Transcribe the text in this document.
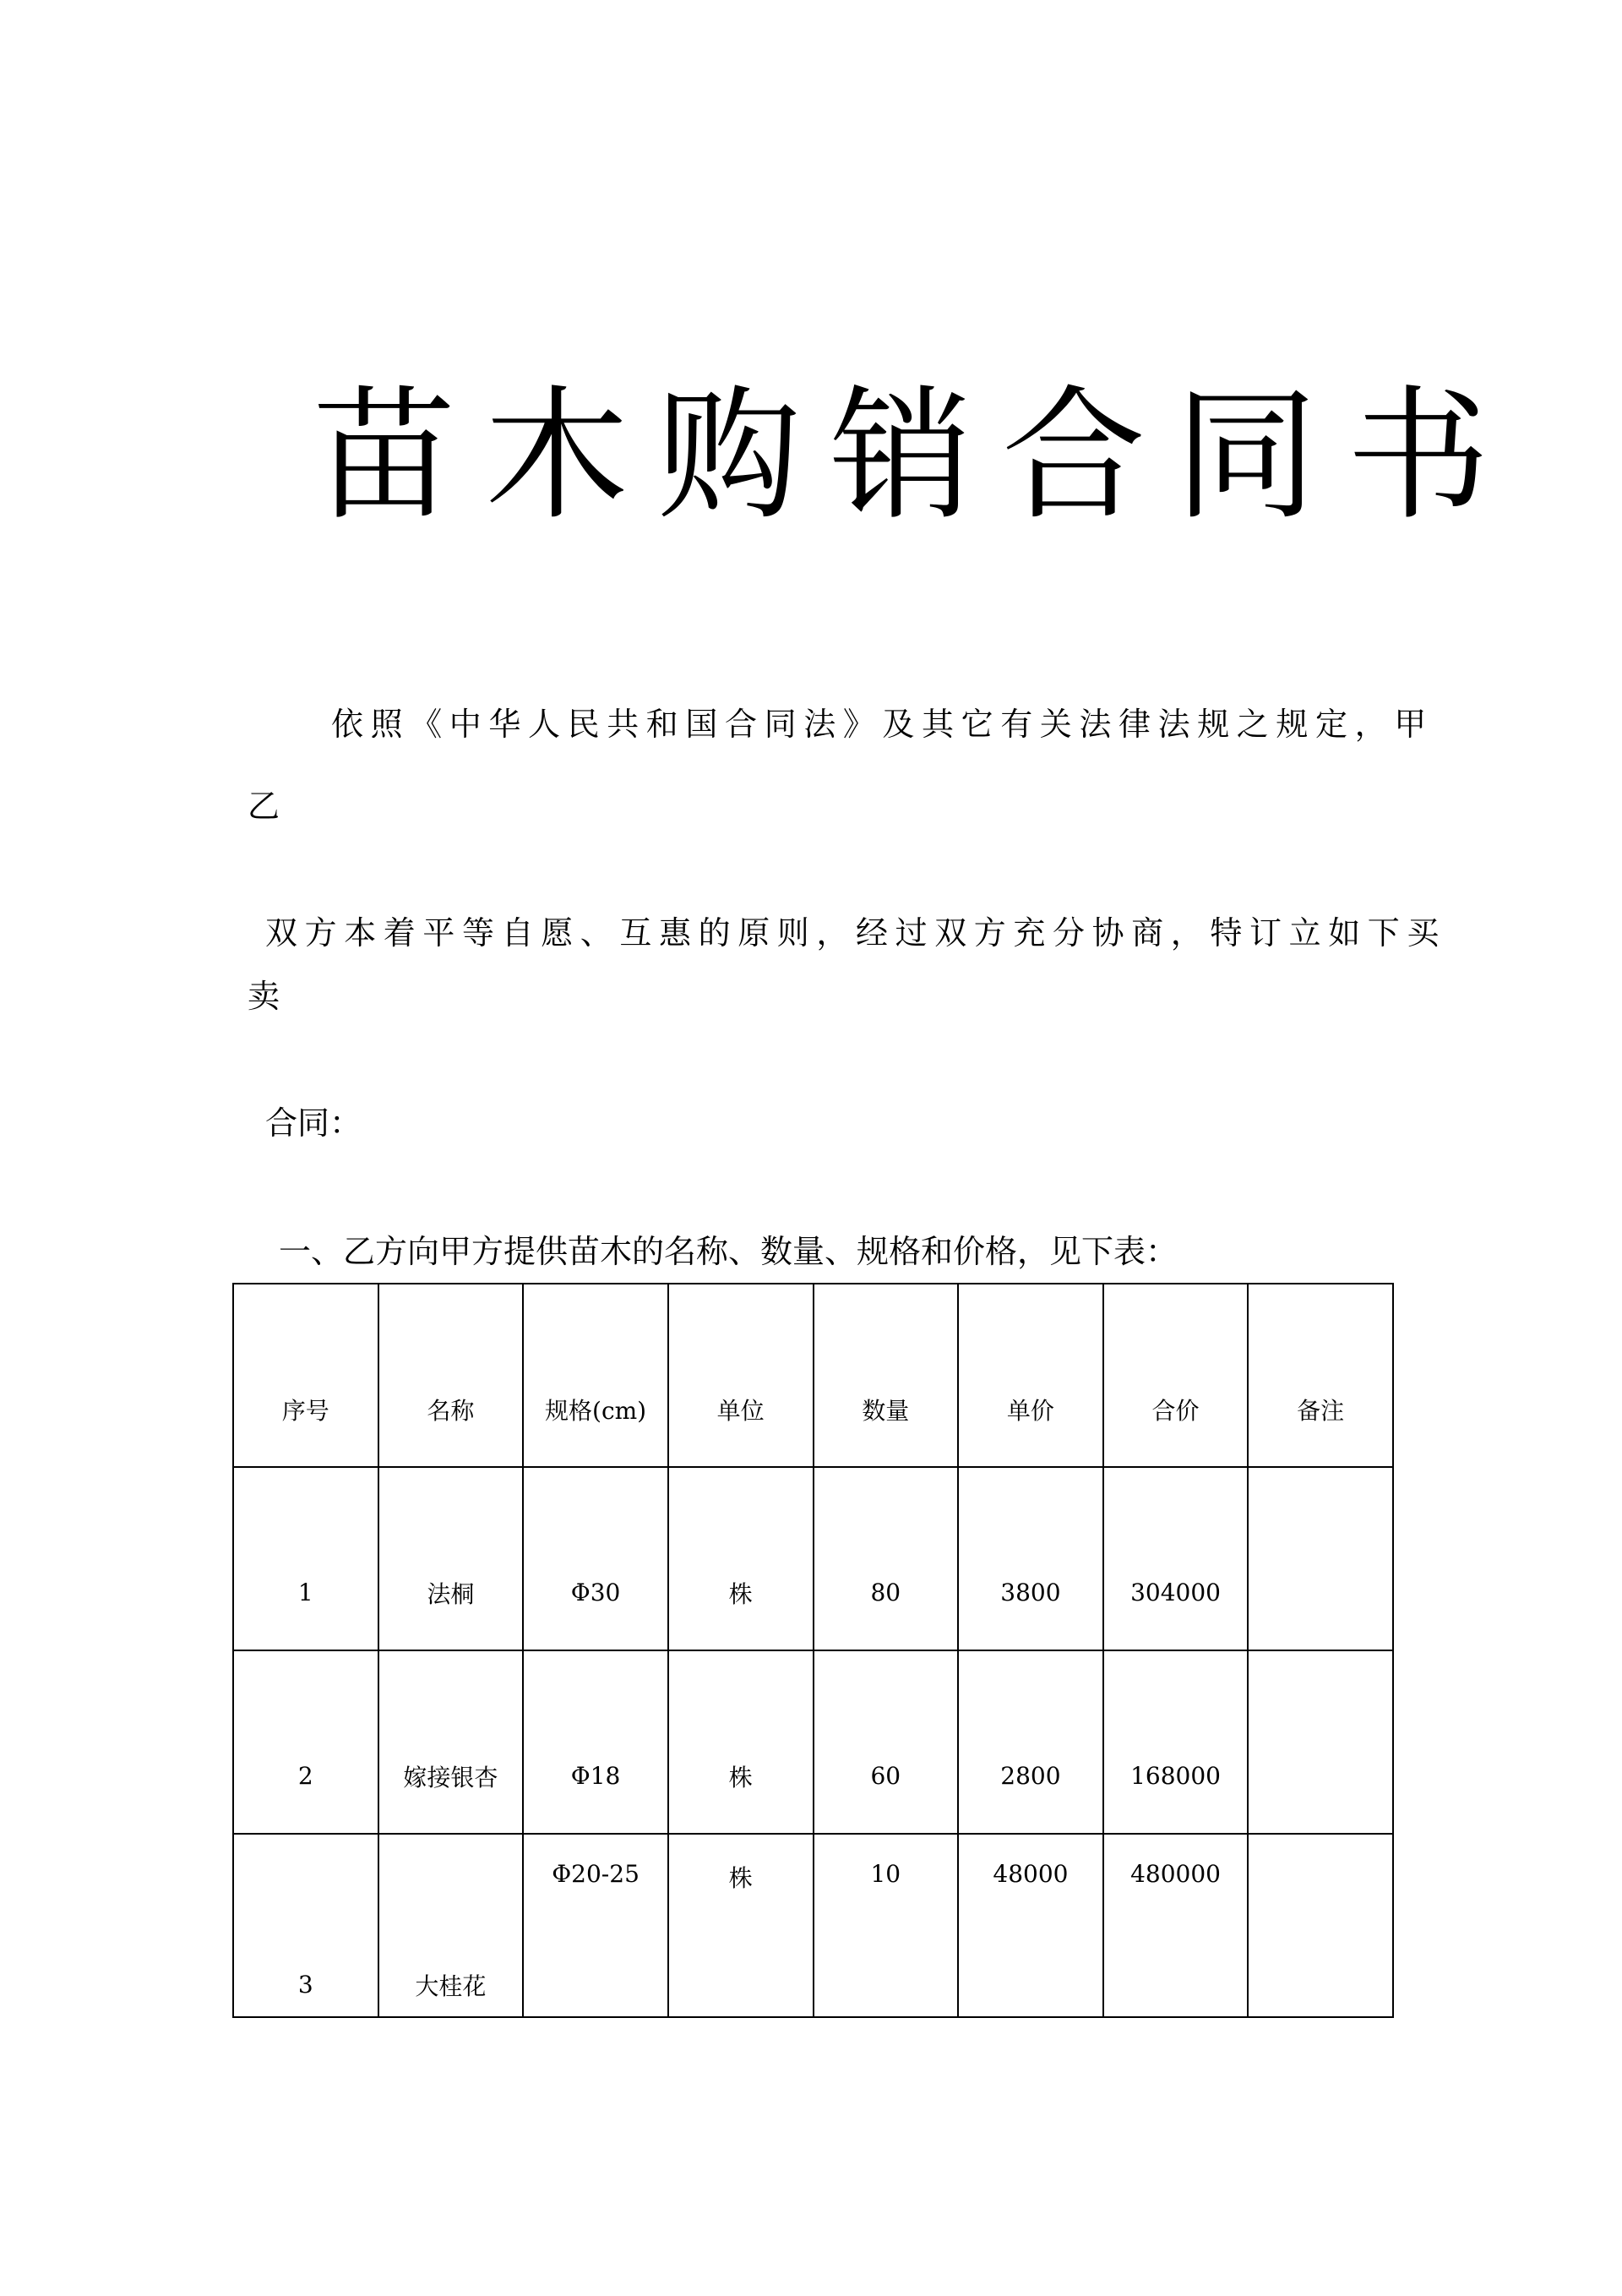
苗木购销合同书
依照《中华人民共和国合同法》及其它有关法律法规之规定，甲
乙
双方本着平等自愿、互惠的原则，经过双方充分协商，特订立如下买
卖
合同：
一、乙方向甲方提供苗木的名称、数量、规格和价格，见下表：
序号	名称	规格(cm)	单位	数量	单价	合价	备注
1	法桐	Φ30	株	80	3800	304000	
2	嫁接银杏	Φ18	株	60	2800	168000	
3	大桂花	Φ20-25	株	10	48000	480000	
